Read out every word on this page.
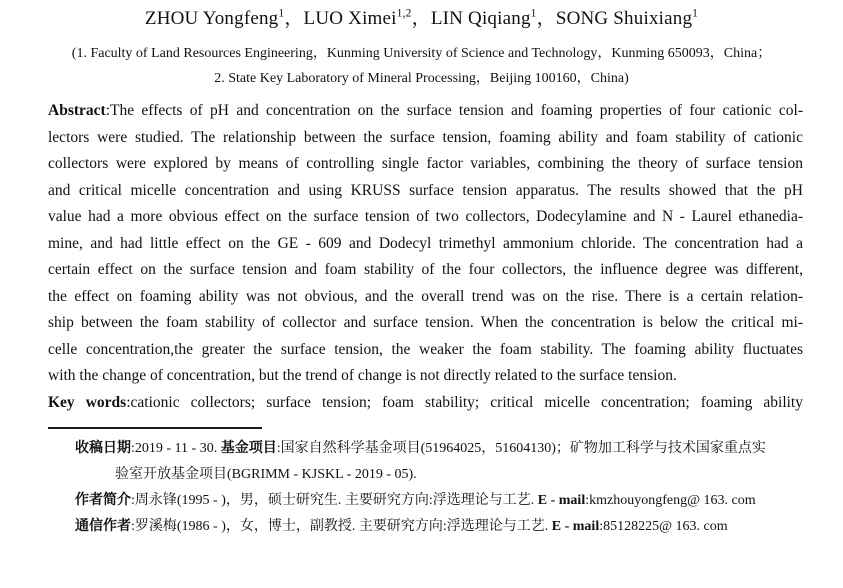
ZHOU Yongfeng$^1$，LUO Ximei$^{1,2}$，LIN Qiqiang$^1$，SONG Shuixiang$^1$
(1. Faculty of Land Resources Engineering，Kunming University of Science and Technology，Kunming 650093，China；
2. State Key Laboratory of Mineral Processing，Beijing 100160，China)
Abstract:The effects of pH and concentration on the surface tension and foaming properties of four cationic col-
lectors were studied. The relationship between the surface tension, foaming ability and foam stability of cationic
collectors were explored by means of controlling single factor variables, combining the theory of surface tension
and critical micelle concentration and using KRUSS surface tension apparatus. The results showed that the pH
value had a more obvious effect on the surface tension of two collectors, Dodecylamine and N - Laurel ethanedia-
mine, and had little effect on the GE - 609 and Dodecyl trimethyl ammonium chloride. The concentration had a
certain effect on the surface tension and foam stability of the four collectors, the influence degree was different,
the effect on foaming ability was not obvious, and the overall trend was on the rise. There is a certain relation-
ship between the foam stability of collector and surface tension. When the concentration is below the critical mi-
celle concentration,the greater the surface tension, the weaker the foam stability. The foaming ability fluctuates
with the change of concentration, but the trend of change is not directly related to the surface tension.
Key words:cationic collectors; surface tension; foam stability; critical micelle concentration; foaming ability
收稿日期:2019 - 11 - 30. 基金项目:国家自然科学基金项目(51964025，51604130)；矿物加工科学与技术国家重点实
验室开放基金项目(BGRIMM - KJSKL - 2019 - 05).
作者简介:周永锋(1995 - )，男，硕士研究生. 主要研究方向:浮选理论与工艺. E - mail:kmzhouyongfeng@ 163. com
通信作者:罗溪梅(1986 - )，女，博士，副教授. 主要研究方向:浮选理论与工艺. E - mail:85128225@ 163. com
